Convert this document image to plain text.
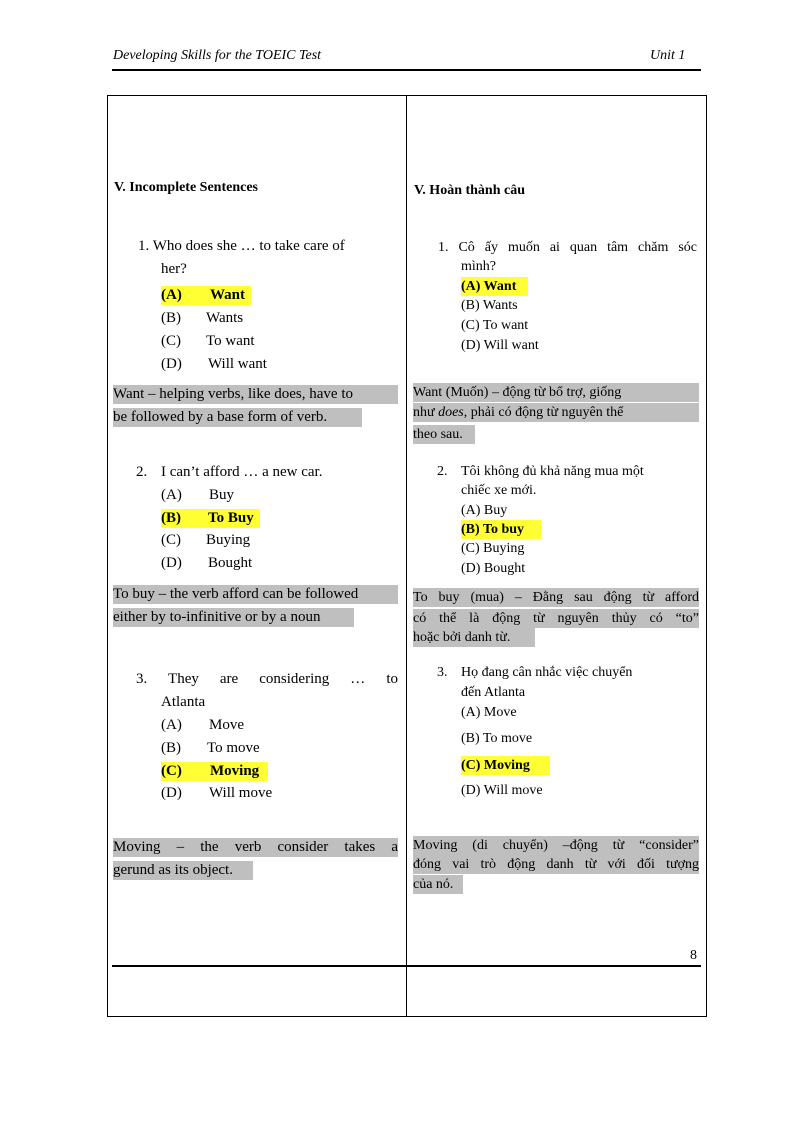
Developing Skills for the TOEIC Test	Unit 1
8
V. Incomplete Sentences
1. Who does she … to take care of
her?
(A) Want
(B) Wants
(C) To want
(D) Will want
Want – helping verbs, like does, have to
be followed by a base form of verb.
2. I can’t afford … a new car.
(A) Buy
(B) To Buy
(C) Buying
(D) Bought
To buy – the verb afford can be followed
either by to-infinitive or by a noun
3. They are considering … to
Atlanta
(A) Move
(B) To move
(C) Moving
(D) Will move
Moving – the verb consider takes a
gerund as its object.
V. Hoàn thành câu
1. Cô ấy muốn ai quan tâm chăm sóc
mình?
(A) Want
(B) Wants
(C) To want
(D) Will want
Want (Muốn) – động từ bổ trợ, giống
như does, phải có động từ nguyên thể
theo sau.
2. Tôi không đủ khả năng mua một
chiếc xe mới.
(A) Buy
(B) To buy
(C) Buying
(D) Bought
To buy (mua) – Đằng sau động từ afford
có thể là động từ nguyên thủy có “to”
hoặc bởi danh từ.
3. Họ đang cân nhắc việc chuyển
đến Atlanta
(A) Move
(B) To move
(C) Moving
(D) Will move
Moving (di chuyển) –động từ “consider”
đóng vai trò động danh từ với đối tượng
của nó.
